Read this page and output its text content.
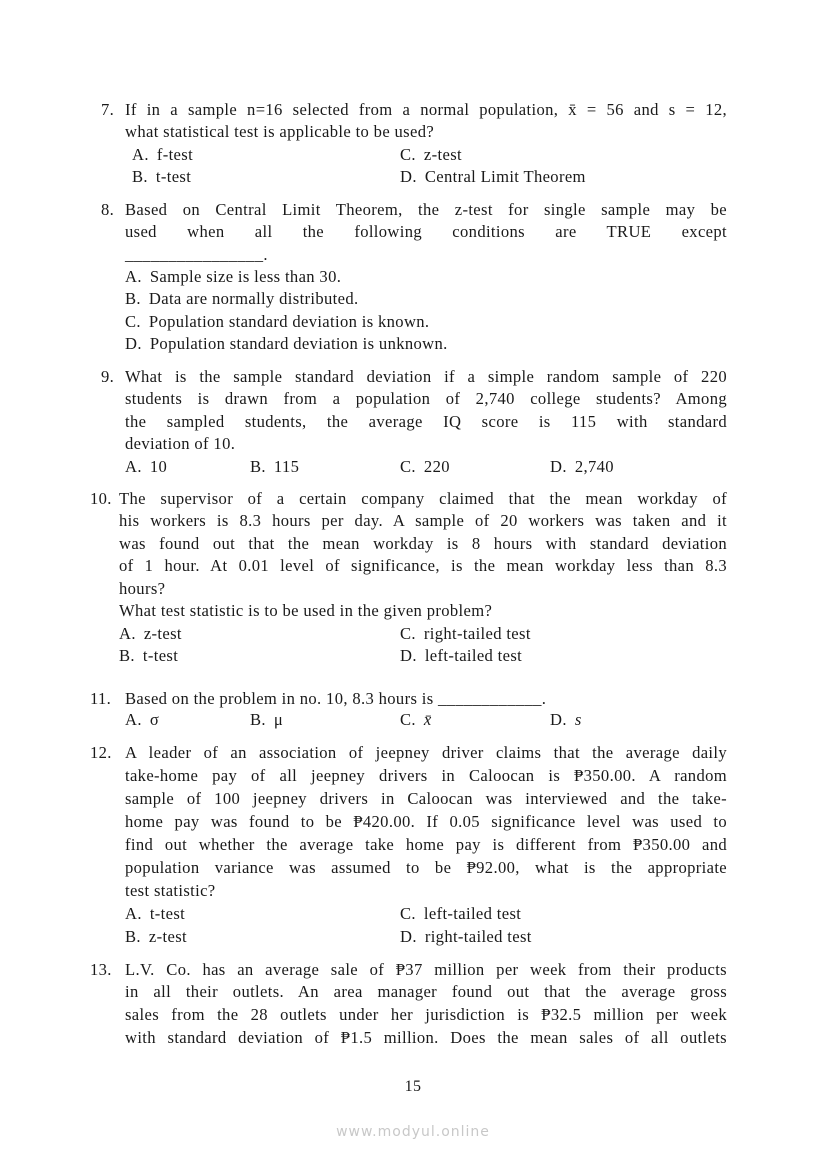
7. If in a sample n=16 selected from a normal population, x̄ = 56 and s = 12,
what statistical test is applicable to be used?
A. f-test	C. z-test
B. t-test	D. Central Limit Theorem
8. Based on Central Limit Theorem, the z-test for single sample may be
used when all the following conditions are TRUE except
________________.
A. Sample size is less than 30.
B. Data are normally distributed.
C. Population standard deviation is known.
D. Population standard deviation is unknown.
9. What is the sample standard deviation if a simple random sample of 220
students is drawn from a population of 2,740 college students? Among
the sampled students, the average IQ score is 115 with standard
deviation of 10.
A. 10	B. 115	C. 220	D. 2,740
10. The supervisor of a certain company claimed that the mean workday of
his workers is 8.3 hours per day. A sample of 20 workers was taken and it
was found out that the mean workday is 8 hours with standard deviation
of 1 hour. At 0.01 level of significance, is the mean workday less than 8.3
hours?
What test statistic is to be used in the given problem?
A. z-test	C. right-tailed test
B. t-test	D. left-tailed test
11. Based on the problem in no. 10, 8.3 hours is ____________.
A. σ	B. μ	C. x̄	D. s
12. A leader of an association of jeepney driver claims that the average daily
take-home pay of all jeepney drivers in Caloocan is ₱350.00. A random
sample of 100 jeepney drivers in Caloocan was interviewed and the take-
home pay was found to be ₱420.00. If 0.05 significance level was used to
find out whether the average take home pay is different from ₱350.00 and
population variance was assumed to be ₱92.00, what is the appropriate
test statistic?
A. t-test	C. left-tailed test
B. z-test	D. right-tailed test
13. L.V. Co. has an average sale of ₱37 million per week from their products
in all their outlets. An area manager found out that the average gross
sales from the 28 outlets under her jurisdiction is ₱32.5 million per week
with standard deviation of ₱1.5 million. Does the mean sales of all outlets
15
www.modyul.online
